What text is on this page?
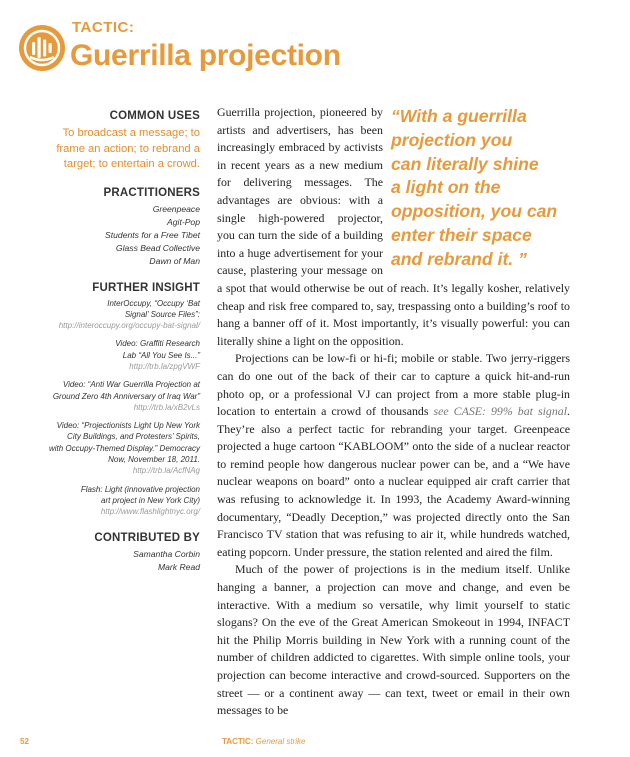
TACTIC:
Guerrilla projection
COMMON USES

To broadcast a message; to
frame an action; to rebrand a
target; to entertain a crowd.

PRACTITIONERS
Greenpeace
Agit-Pop
Students for a Free Tibet
Glass Bead Collective
Dawn of Man
FURTHER INSIGHT
InterOccupy, “Occupy ‘Bat
Signal’ Source Files”:
http://interoccupy.org/occupy-bat-signal/
Video: Graffiti Research
Lab “All You See Is...”
http://trb.la/zpgVWF
Video: “Anti War Guerrilla Projection at
Ground Zero 4th Anniversary of Iraq War”
http://trb.la/xB2vLs
Video: “Projectionists Light Up New York
City Buildings, and Protesters’ Spirits,
with Occupy-Themed Display.” Democracy
Now, November 18, 2011.
http://trb.la/AcfNAg
Flash: Light (innovative projection
art project in New York City)
http://www.flashlightnyc.org/
CONTRIBUTED BY
Samantha Corbin
Mark Read

“With a guerrilla
projection you
can literally shine
a light on the
opposition, you can
enter their space
and rebrand it. ”
Guerrilla projection, pioneered by artists and advertisers, has been increasingly embraced by activists in recent years as a new medium for delivering messages. The advantages are obvious: with a single high-powered projector, you can turn the side of a building into a huge advertisement for your cause, plastering your message on a spot that would otherwise be out of reach. It’s legally kosher, relatively cheap and risk free compared to, say, trespassing onto a building’s roof to hang a banner off of it. Most importantly, it’s visually powerful: you can literally shine a light on the opposition.

Projections can be low-fi or hi-fi; mobile or stable. Two jerry-riggers can do one out of the back of their car to capture a quick hit-and-run photo op, or a professional VJ can project from a more stable plug-in location to entertain a crowd of thousands see CASE: 99% bat signal. They’re also a perfect tactic for rebranding your target. Greenpeace projected a huge cartoon “KABLOOM” onto the side of a nuclear reactor to remind people how dangerous nuclear power can be, and a “We have nuclear weapons on board” onto a nuclear equipped air craft carrier that was refusing to acknowledge it. In 1993, the Academy Award-winning documentary, “Deadly Deception,” was projected directly onto the San Francisco TV station that was refusing to air it, while hundreds watched, eating popcorn. Under pressure, the station relented and aired the film.

Much of the power of projections is in the medium itself. Unlike hanging a banner, a projection can move and change, and even be interactive. With a medium so versatile, why limit yourself to static slogans? On the eve of the Great American Smokeout in 1994, INFACT hit the Philip Morris building in New York with a running count of the number of children addicted to cigarettes. With simple online tools, your projection can become interactive and crowd-sourced. Supporters on the street — or a continent away — can text, tweet or email in their own messages to be

52	TACTIC: General strike
